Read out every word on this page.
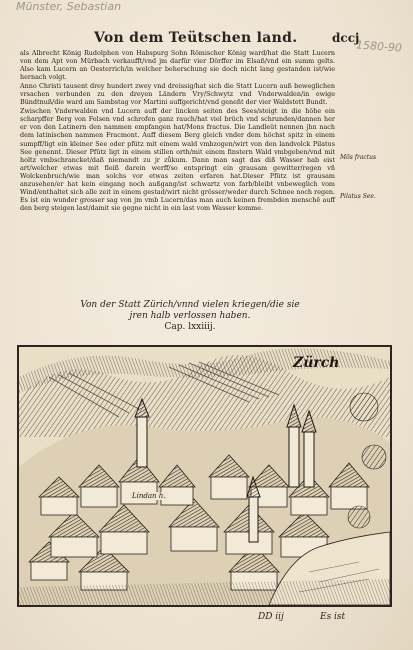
Münster, Sebastian
1580-90
Von dem Teütschen land.	dccj

als Albrecht König Rudolphen von Habspurg Sohn Römischer König ward/hat die Statt Lucern von dem Apt von Mürbach verkaufft/vnd jm darfür vier Dörffer im Elsaß/vnd ein summ gelts. Also kam Lucern an Oesterrich/in welcher beherschung sie doch nicht lang gestanden ist/wie hernach volgt.

Anno Christi tausent drey hundert zwey vnd dreissig/hat sich die Statt Lucern auß beweglichen vrsachen verbunden zu den dreyen Ländern Vry/Schwytz vnd Vnderwalden/in ewige Bündtnuß/die ward am Sambstag vor Martini auffgericht/vnd geneñt der vier Waldstett Bundt.

Zwischen Vnderwalden vnd Lucern auff der lincken seiten des Sees/steigt in die höhe ein scharpffer Berg von Felsen vnd schrofen ganz rauch/hat viel brüch vnd schrunden/dannen her er von den Latinern den nammen empfangen hat/Mons fractus. Die Landleüt nennen jhn nach dem latinischen nammen Fracmont. Auff diesem Berg gleich vnder dem höchst spitz in einem sumpff/ligt ein kleiner See oder pfütz mit einem wald vmbzogen/wirt von den landvolck Pilatus See genennt. Dieser Pfütz ligt in einem stillen orth/mit einem finstern Wald vmbgeben/vnd mit holtz vmbschrancket/daß niemandt zu jr zůkum. Dann man sagt das diß Wasser hab eist art/welcher etwas mit fleiß darein werff/so entspringt ein grausam gewitter/regen vñ Wolckenbruch/wie man solchs vor etwas zeiten erfaren hat.Dieser Pfütz ist grausam anzusehen/er hat kein eingang noch außgang/ist schwartz von farb/bleibt vnbeweglich vom Wind/enthaltet sich alle zeit in einem gestad/wirt nicht grösser/weder durch Schnee noch regen. Es ist ein wunder grosser sag von jm vmb Lucern/das man auch keinen frembden menschē auff den berg steigen last/damit sie gegne nicht in ein last vom Wasser komme.

Mõs fractus
Pilatus See.
Von der Statt Zürich/vnnd vielen kriegen/die sie
jren halb verlossen haben.
Cap. lxxiiij.
Zürch
Lindan h.
DD iij	Es ist
